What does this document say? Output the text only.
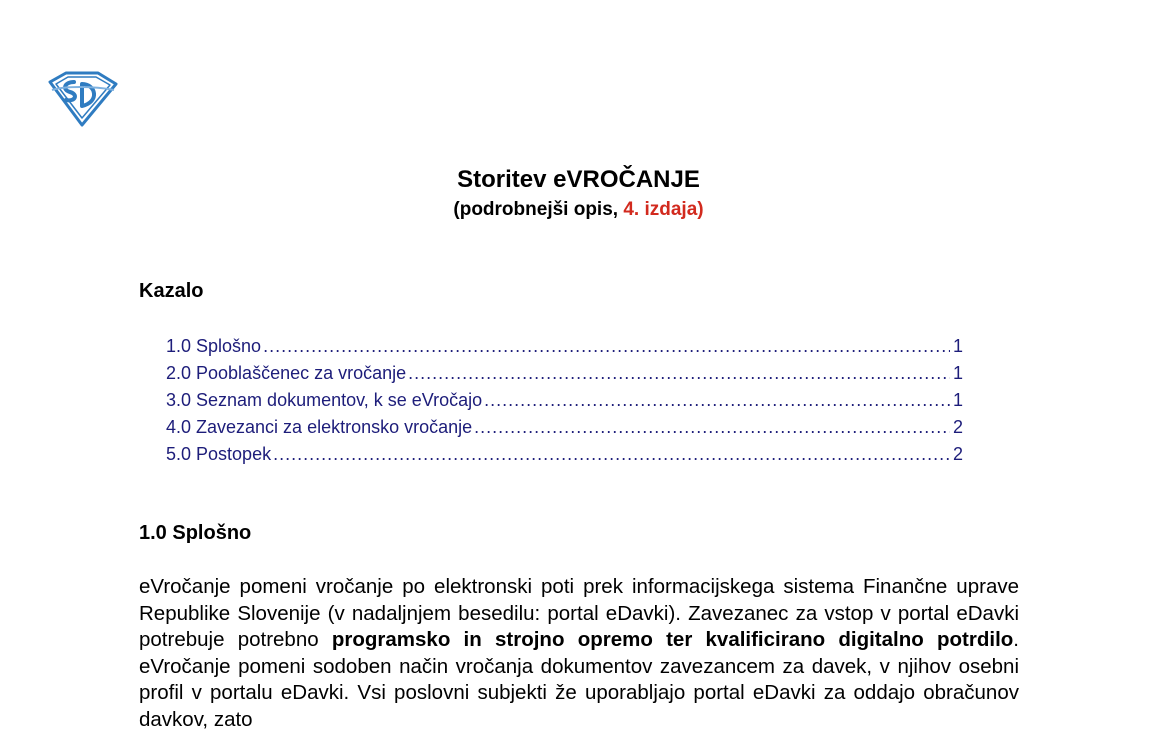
Storitev eVROČANJE

(podrobnejši opis, 4. izdaja)

Kazalo
1.0 Splošno .....	1
2.0 Pooblaščenec za vročanje .....	1
3.0 Seznam dokumentov, k se eVročajo .....	1
4.0 Zavezanci za elektronsko vročanje .....	2
5.0 Postopek .....	2
1.0 Splošno

eVročanje pomeni vročanje po elektronski poti prek informacijskega sistema Finančne uprave Republike Slovenije (v nadaljnjem besedilu: portal eDavki). Zavezanec za vstop v portal eDavki potrebuje potrebno programsko in strojno opremo ter kvalificirano digitalno potrdilo. eVročanje pomeni sodoben način vročanja dokumentov zavezancem za davek, v njihov osebni profil v portalu eDavki. Vsi poslovni subjekti že uporabljajo portal eDavki za oddajo obračunov davkov, zato
